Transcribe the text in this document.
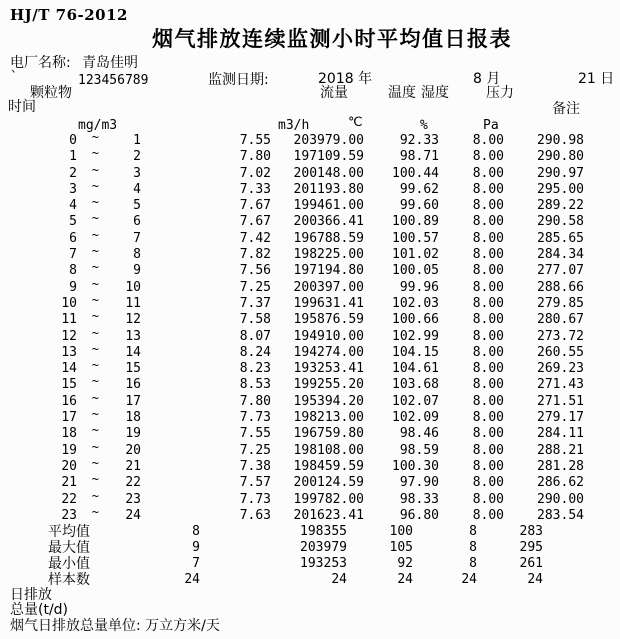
HJ/T 76-2012
烟气排放连续监测小时平均值日报表
电厂名称: 青岛佳明
`	123456789	监测日期:	2018 年	8 月	21 日
颗粒物	流量	温度 湿度	压力
时间	备注
mg/m3	m3/h	℃	%	Pa
0	~	1	7.55	203979.00	92.33	8.00	290.98
1	~	2	7.80	197109.59	98.71	8.00	290.80
2	~	3	7.02	200148.00	100.44	8.00	290.97
3	~	4	7.33	201193.80	99.62	8.00	295.00
4	~	5	7.67	199461.00	99.60	8.00	289.22
5	~	6	7.67	200366.41	100.89	8.00	290.58
6	~	7	7.42	196788.59	100.57	8.00	285.65
7	~	8	7.82	198225.00	101.02	8.00	284.34
8	~	9	7.56	197194.80	100.05	8.00	277.07
9	~	10	7.25	200397.00	99.96	8.00	288.66
10	~	11	7.37	199631.41	102.03	8.00	279.85
11	~	12	7.58	195876.59	100.66	8.00	280.67
12	~	13	8.07	194910.00	102.99	8.00	273.72
13	~	14	8.24	194274.00	104.15	8.00	260.55
14	~	15	8.23	193253.41	104.61	8.00	269.23
15	~	16	8.53	199255.20	103.68	8.00	271.43
16	~	17	7.80	195394.20	102.07	8.00	271.51
17	~	18	7.73	198213.00	102.09	8.00	279.17
18	~	19	7.55	196759.80	98.46	8.00	284.11
19	~	20	7.25	198108.00	98.59	8.00	288.21
20	~	21	7.38	198459.59	100.30	8.00	281.28
21	~	22	7.57	200124.59	97.90	8.00	286.62
22	~	23	7.73	199782.00	98.33	8.00	290.00
23	~	24	7.63	201623.41	96.80	8.00	283.54
平均值	8	198355	100	8	283
最大值	9	203979	105	8	295
最小值	7	193253	92	8	261
样本数	24	24	24	24	24
日排放
总量(t/d)
烟气日排放总量单位: 万立方米/天
